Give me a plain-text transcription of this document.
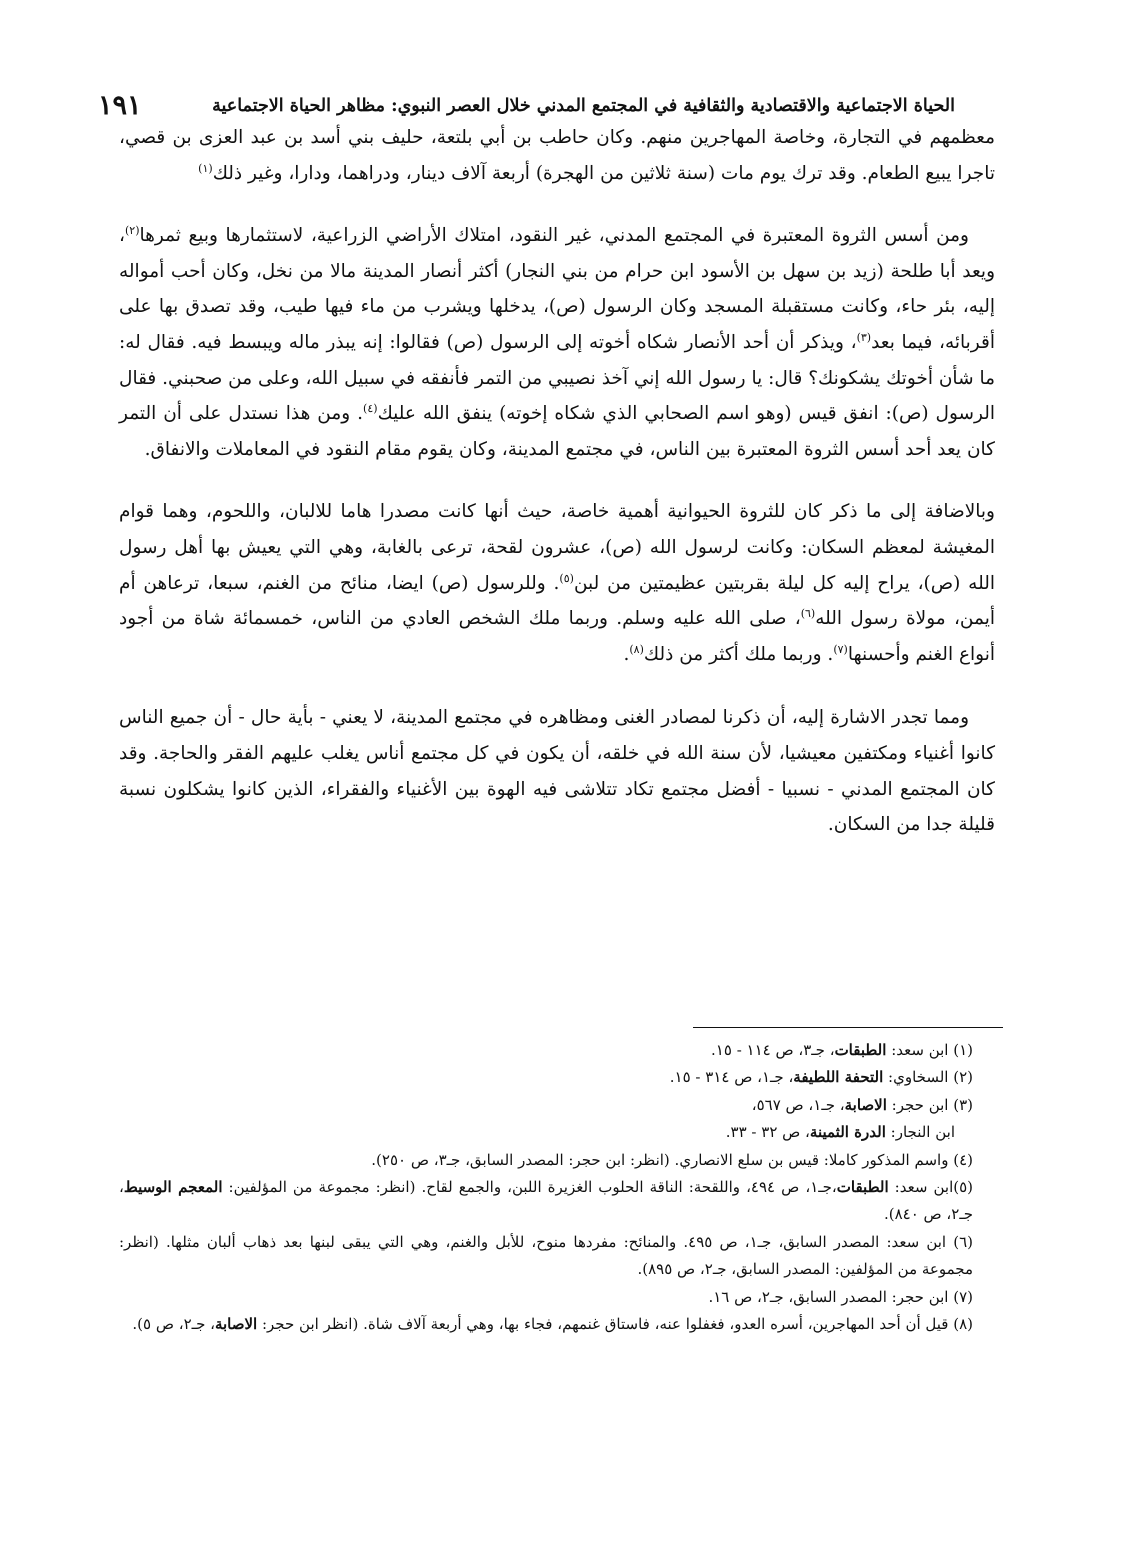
الحياة الاجتماعية والاقتصادية والثقافية في المجتمع المدني خلال العصر النبوي: مظاهر الحياة الاجتماعية
١٩١

معظمهم في التجارة، وخاصة المهاجرين منهم. وكان حاطب بن أبي بلتعة، حليف بني أسد بن عبد العزى بن قصي، تاجرا يبيع الطعام. وقد ترك يوم مات (سنة ثلاثين من الهجرة) أربعة آلاف دينار، ودراهما، ودارا، وغير ذلك$^{(١)}$

ومن أسس الثروة المعتبرة في المجتمع المدني، غير النقود، امتلاك الأراضي الزراعية، لاستثمارها وبيع ثمرها$^{(٢)}$، ويعد أبا طلحة (زيد بن سهل بن الأسود ابن حرام من بني النجار) أكثر أنصار المدينة مالا من نخل، وكان أحب أمواله إليه، بئر حاء، وكانت مستقبلة المسجد وكان الرسول (ص)، يدخلها ويشرب من ماء فيها طيب، وقد تصدق بها على أقربائه، فيما بعد$^{(٣)}$، ويذكر أن أحد الأنصار شكاه أخوته إلى الرسول (ص) فقالوا: إنه يبذر ماله ويبسط فيه. فقال له: ما شأن أخوتك يشكونك؟ قال: يا رسول الله إني آخذ نصيبي من التمر فأنفقه في سبيل الله، وعلى من صحبني. فقال الرسول (ص): انفق قيس (وهو اسم الصحابي الذي شكاه إخوته) ينفق الله عليك$^{(٤)}$. ومن هذا نستدل على أن التمر كان يعد أحد أسس الثروة المعتبرة بين الناس، في مجتمع المدينة، وكان يقوم مقام النقود في المعاملات والانفاق.

وبالاضافة إلى ما ذكر كان للثروة الحيوانية أهمية خاصة، حيث أنها كانت مصدرا هاما للالبان، واللحوم، وهما قوام المغيشة لمعظم السكان: وكانت لرسول الله (ص)، عشرون لقحة، ترعى بالغابة، وهي التي يعيش بها أهل رسول الله (ص)، يراح إليه كل ليلة بقربتين عظيمتين من لبن$^{(٥)}$. وللرسول (ص) ايضا، منائح من الغنم، سبعا، ترعاهن أم أيمن، مولاة رسول الله$^{(٦)}$، صلى الله عليه وسلم. وربما ملك الشخص العادي من الناس، خمسمائة شاة من أجود أنواع الغنم وأحسنها$^{(٧)}$. وربما ملك أكثر من ذلك$^{(٨)}$.

ومما تجدر الاشارة إليه، أن ذكرنا لمصادر الغنى ومظاهره في مجتمع المدينة، لا يعني - بأية حال - أن جميع الناس كانوا أغنياء ومكتفين معيشيا، لأن سنة الله في خلقه، أن يكون في كل مجتمع أناس يغلب عليهم الفقر والحاجة. وقد كان المجتمع المدني - نسبيا - أفضل مجتمع تكاد تتلاشى فيه الهوة بين الأغنياء والفقراء، الذين كانوا يشكلون نسبة قليلة جدا من السكان.

(١) ابن سعد: الطبقات، جـ٣، ص ١١٤ - ١٥.

(٢) السخاوي: التحفة اللطيفة، جـ١، ص ٣١٤ - ١٥.

(٣) ابن حجر: الاصابة، جـ١، ص ٥٦٧،

ابن النجار: الدرة الثمينة، ص ٣٢ - ٣٣.

(٤) واسم المذكور كاملا: قيس بن سلع الانصاري. (انظر: ابن حجر: المصدر السابق، جـ٣، ص ٢٥٠).

(٥)ابن سعد: الطبقات،جـ١، ص ٤٩٤، واللقحة: الناقة الحلوب الغزيرة اللبن، والجمع لقاح. (انظر: مجموعة من المؤلفين: المعجم الوسيط، جـ٢، ص ٨٤٠).

(٦) ابن سعد: المصدر السابق، جـ١، ص ٤٩٥. والمنائح: مفردها منوح، للأبل والغنم، وهي التي يبقى لبنها بعد ذهاب ألبان مثلها. (انظر: مجموعة من المؤلفين: المصدر السابق، جـ٢، ص ٨٩٥).

(٧) ابن حجر: المصدر السابق، جـ٢، ص ١٦.

(٨) قيل أن أحد المهاجرين، أسره العدو، فغفلوا عنه، فاستاق غنمهم، فجاء بها، وهي أربعة آلاف شاة. (انظر ابن حجر: الاصابة، جـ٢، ص ٥).
